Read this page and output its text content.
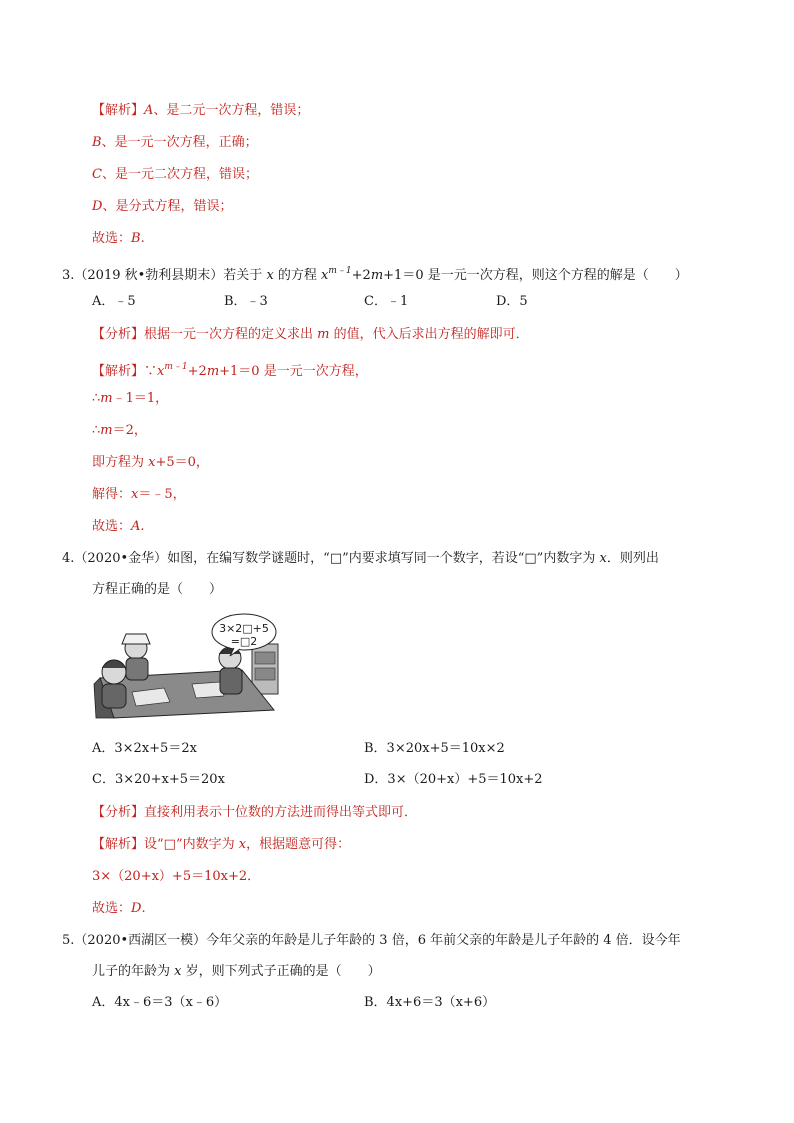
【解析】A、是二元一次方程，错误；
B、是一元一次方程，正确；
C、是一元二次方程，错误；
D、是分式方程，错误；
故选：B.
3.（2019 秋•勃利县期末）若关于 x 的方程 $x^{m﹣1}+2m+1=0$ 是一元一次方程，则这个方程的解是（　　）
A．﹣5	B．﹣3	C．﹣1	D．5
【分析】根据一元一次方程的定义求出 m 的值，代入后求出方程的解即可．
【解析】$\because x^{m﹣1}+2m+1=0$ 是一元一次方程，
∴m﹣1＝1，
∴m＝2，
即方程为 x+5＝0，
解得：x＝﹣5，
故选：A.
4.（2020•金华）如图，在编写数学谜题时，“□”内要求填写同一个数字，若设“□”内数字为 x．则列出
方程正确的是（　　）
3×2□+5
=□2
A．3×2x+5＝2x	B．3×20x+5＝10x×2
C．3×20+x+5＝20x	D．3×（20+x）+5＝10x+2
【分析】直接利用表示十位数的方法进而得出等式即可．
【解析】设“□”内数字为 x，根据题意可得：
3×（20+x）+5＝10x+2．
故选：D.
5.（2020•西湖区一模）今年父亲的年龄是儿子年龄的 3 倍，6 年前父亲的年龄是儿子年龄的 4 倍．设今年
儿子的年龄为 x 岁，则下列式子正确的是（　　）
A．4x﹣6＝3（x﹣6）	B．4x+6＝3（x+6）
